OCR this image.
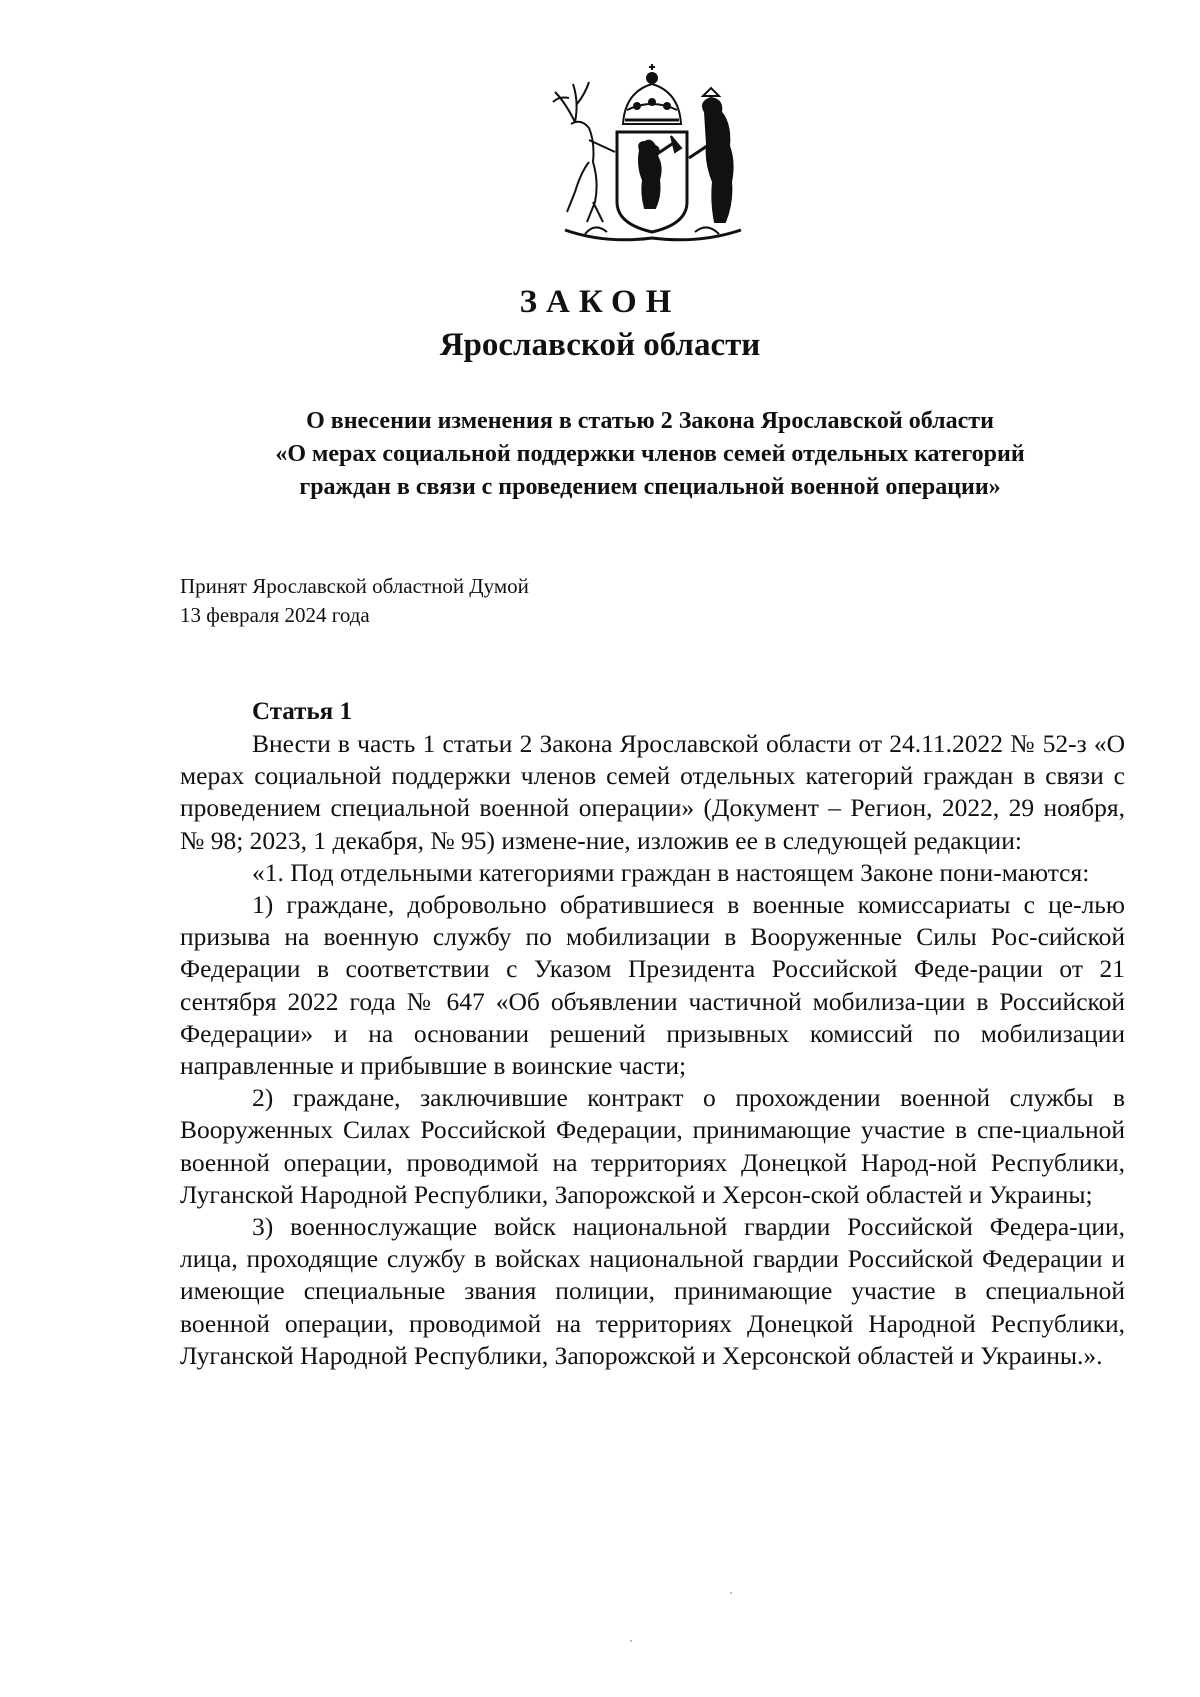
ЗАКОН
Ярославской области
О внесении изменения в статью 2 Закона Ярославской области
«О мерах социальной поддержки членов семей отдельных категорий
граждан в связи с проведением специальной военной операции»
Принят Ярославской областной Думой
13 февраля 2024 года
Статья 1

Внести в часть 1 статьи 2 Закона Ярославской области от 24.11.2022 № 52-з «О мерах социальной поддержки членов семей отдельных категорий граждан в связи с проведением специальной военной операции» (Документ – Регион, 2022, 29 ноября, № 98; 2023, 1 декабря, № 95) измене-ние, изложив ее в следующей редакции:

«1. Под отдельными категориями граждан в настоящем Законе пони-маются:

1) граждане, добровольно обратившиеся в военные комиссариаты с це-лью призыва на военную службу по мобилизации в Вооруженные Силы Рос-сийской Федерации в соответствии с Указом Президента Российской Феде-рации от 21 сентября 2022 года № 647 «Об объявлении частичной мобилиза-ции в Российской Федерации» и на основании решений призывных комиссий по мобилизации направленные и прибывшие в воинские части;

2) граждане, заключившие контракт о прохождении военной службы в Вооруженных Силах Российской Федерации, принимающие участие в спе-циальной военной операции, проводимой на территориях Донецкой Народ-ной Республики, Луганской Народной Республики, Запорожской и Херсон-ской областей и Украины;

3) военнослужащие войск национальной гвардии Российской Федера-ции, лица, проходящие службу в войсках национальной гвардии Российской Федерации и имеющие специальные звания полиции, принимающие участие в специальной военной операции, проводимой на территориях Донецкой Народной Республики, Луганской Народной Республики, Запорожской и Херсонской областей и Украины.».
